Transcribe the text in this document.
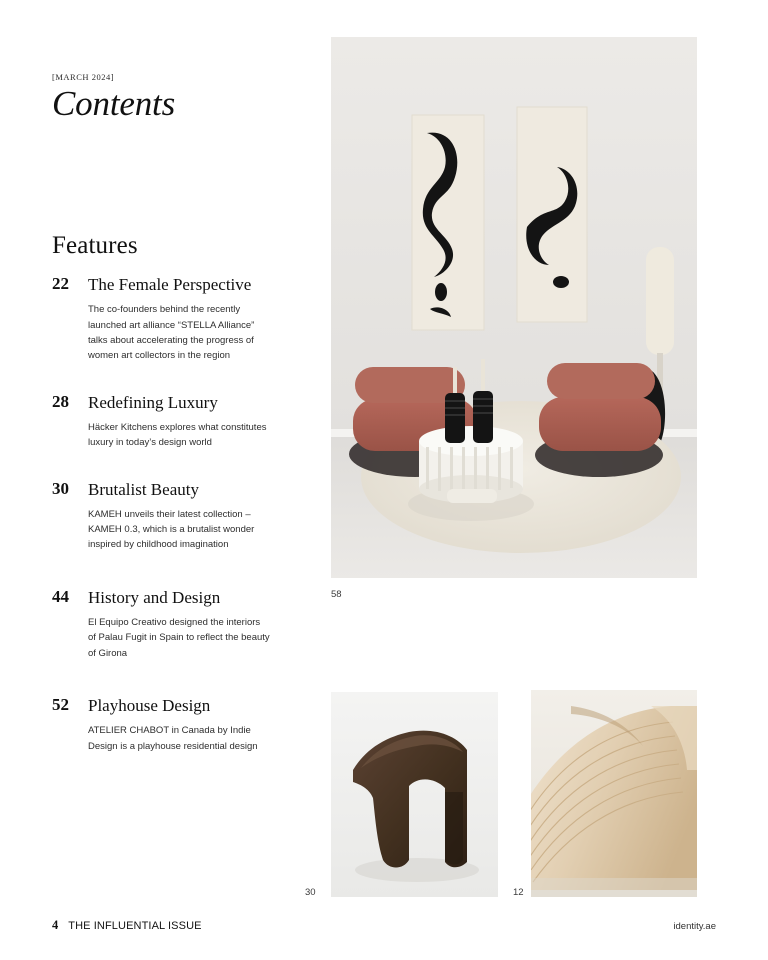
[MARCH 2024]

Contents
Features
22	The Female Perspective

The co-founders behind the recently launched art alliance “STELLA Alliance” talks about accelerating the progress of women art collectors in the region

28	Redefining Luxury

Häcker Kitchens explores what constitutes luxury in today’s design world

30	Brutalist Beauty

KAMEH unveils their latest collection – KAMEH 0.3, which is a brutalist wonder inspired by childhood imagination

44	History and Design

El Equipo Creativo designed the interiors of Palau Fugit in Spain to reflect the beauty of Girona

52	Playhouse Design

ATELIER CHABOT in Canada by Indie Design is a playhouse residential design

58
30	12
4 THE INFLUENTIAL ISSUE	identity.ae
